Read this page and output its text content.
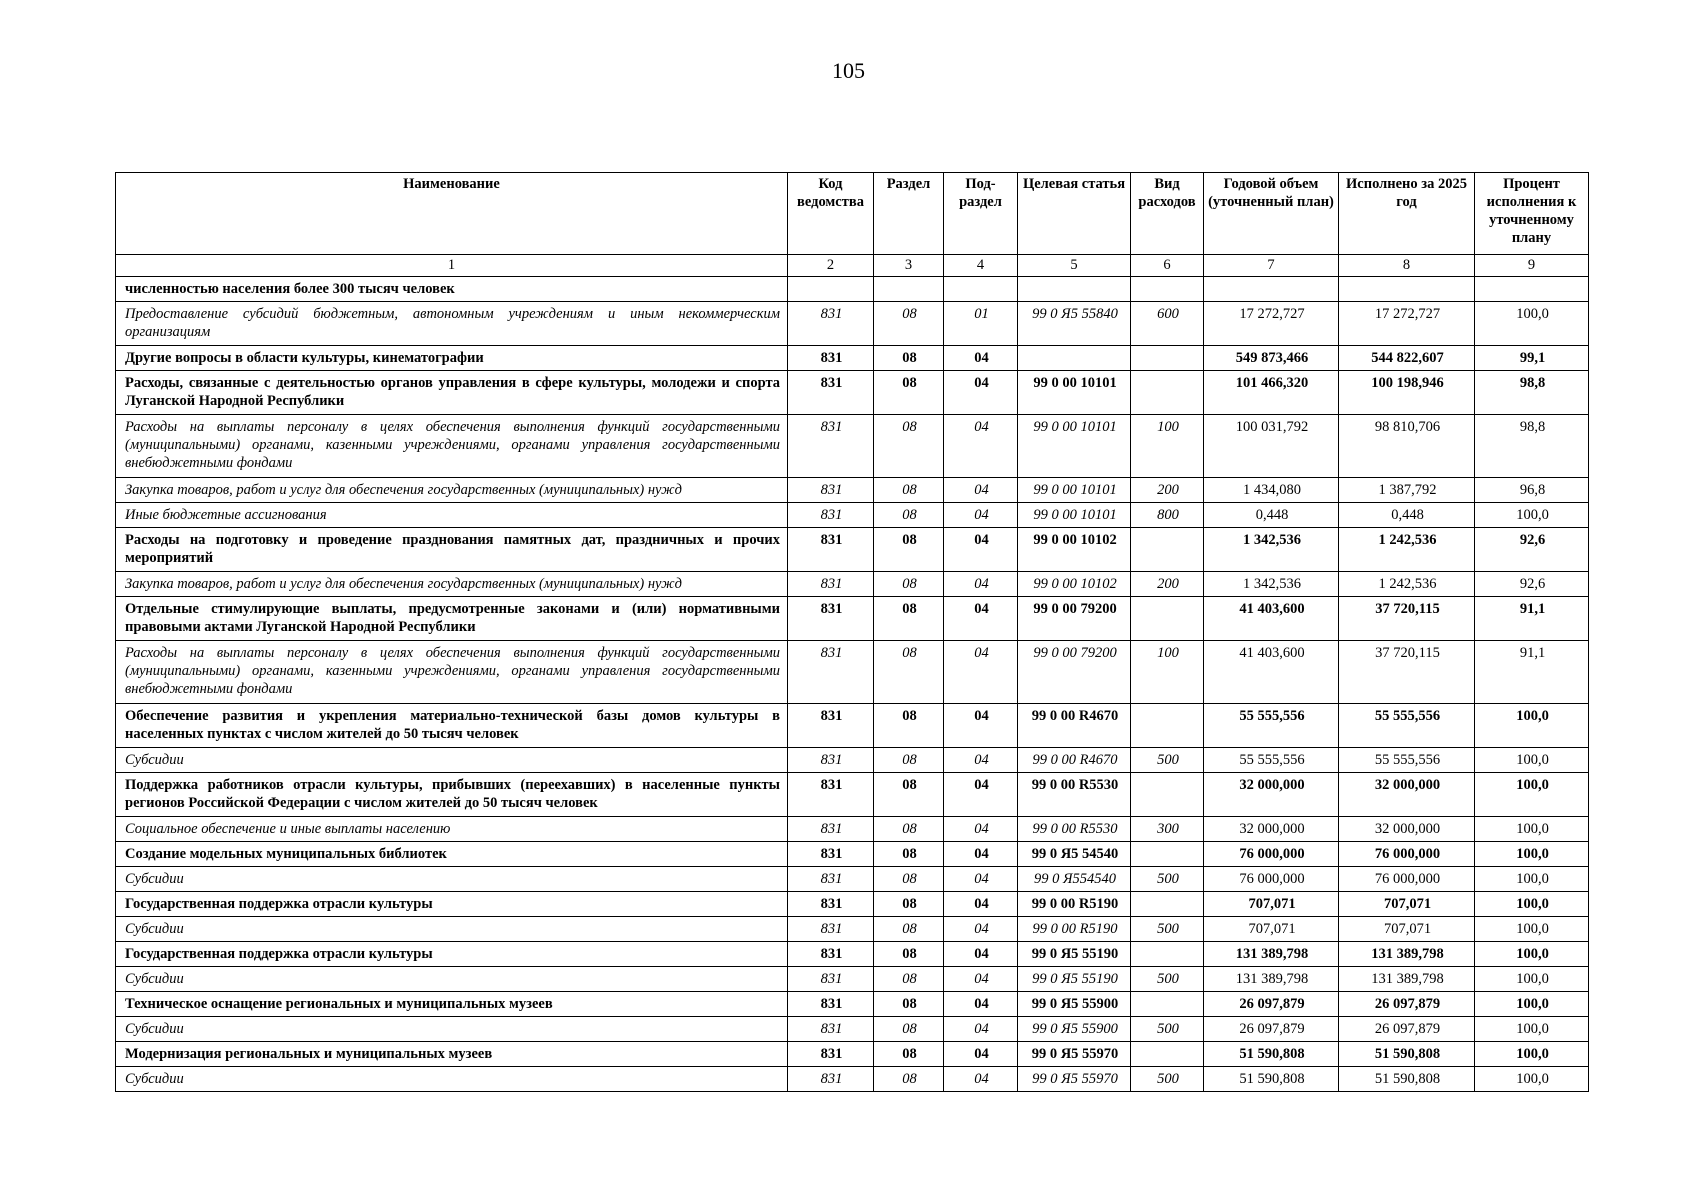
105
Наименование	Код ведомства	Раздел	Под-раздел	Целевая статья	Вид расходов	Годовой объем (уточненный план)	Исполнено за 2025 год	Процент исполнения к уточненному плану
1	2	3	4	5	6	7	8	9
численностью населения более 300 тысяч человек								
Предоставление субсидий бюджетным, автономным учреждениям и иным некоммерческим организациям	831	08	01	99 0 Я5 55840	600	17 272,727	17 272,727	100,0
Другие вопросы в области культуры, кинематографии	831	08	04			549 873,466	544 822,607	99,1
Расходы, связанные с деятельностью органов управления в сфере культуры, молодежи и спорта Луганской Народной Республики	831	08	04	99 0 00 10101		101 466,320	100 198,946	98,8
Расходы на выплаты персоналу в целях обеспечения выполнения функций государственными (муниципальными) органами, казенными учреждениями, органами управления государственными внебюджетными фондами	831	08	04	99 0 00 10101	100	100 031,792	98 810,706	98,8
Закупка товаров, работ и услуг для обеспечения государственных (муниципальных) нужд	831	08	04	99 0 00 10101	200	1 434,080	1 387,792	96,8
Иные бюджетные ассигнования	831	08	04	99 0 00 10101	800	0,448	0,448	100,0
Расходы на подготовку и проведение празднования памятных дат, праздничных и прочих мероприятий	831	08	04	99 0 00 10102		1 342,536	1 242,536	92,6
Закупка товаров, работ и услуг для обеспечения государственных (муниципальных) нужд	831	08	04	99 0 00 10102	200	1 342,536	1 242,536	92,6
Отдельные стимулирующие выплаты, предусмотренные законами и (или) нормативными правовыми актами Луганской Народной Республики	831	08	04	99 0 00 79200		41 403,600	37 720,115	91,1
Расходы на выплаты персоналу в целях обеспечения выполнения функций государственными (муниципальными) органами, казенными учреждениями, органами управления государственными внебюджетными фондами	831	08	04	99 0 00 79200	100	41 403,600	37 720,115	91,1
Обеспечение развития и укрепления материально-технической базы домов культуры в населенных пунктах с числом жителей до 50 тысяч человек	831	08	04	99 0 00 R4670		55 555,556	55 555,556	100,0
Субсидии	831	08	04	99 0 00 R4670	500	55 555,556	55 555,556	100,0
Поддержка работников отрасли культуры, прибывших (переехавших) в населенные пункты регионов Российской Федерации с числом жителей до 50 тысяч человек	831	08	04	99 0 00 R5530		32 000,000	32 000,000	100,0
Социальное обеспечение и иные выплаты населению	831	08	04	99 0 00 R5530	300	32 000,000	32 000,000	100,0
Создание модельных муниципальных библиотек	831	08	04	99 0 Я5 54540		76 000,000	76 000,000	100,0
Субсидии	831	08	04	99 0 Я554540	500	76 000,000	76 000,000	100,0
Государственная поддержка отрасли культуры	831	08	04	99 0 00 R5190		707,071	707,071	100,0
Субсидии	831	08	04	99 0 00 R5190	500	707,071	707,071	100,0
Государственная поддержка отрасли культуры	831	08	04	99 0 Я5 55190		131 389,798	131 389,798	100,0
Субсидии	831	08	04	99 0 Я5 55190	500	131 389,798	131 389,798	100,0
Техническое оснащение региональных и муниципальных музеев	831	08	04	99 0 Я5 55900		26 097,879	26 097,879	100,0
Субсидии	831	08	04	99 0 Я5 55900	500	26 097,879	26 097,879	100,0
Модернизация региональных и муниципальных музеев	831	08	04	99 0 Я5 55970		51 590,808	51 590,808	100,0
Субсидии	831	08	04	99 0 Я5 55970	500	51 590,808	51 590,808	100,0
